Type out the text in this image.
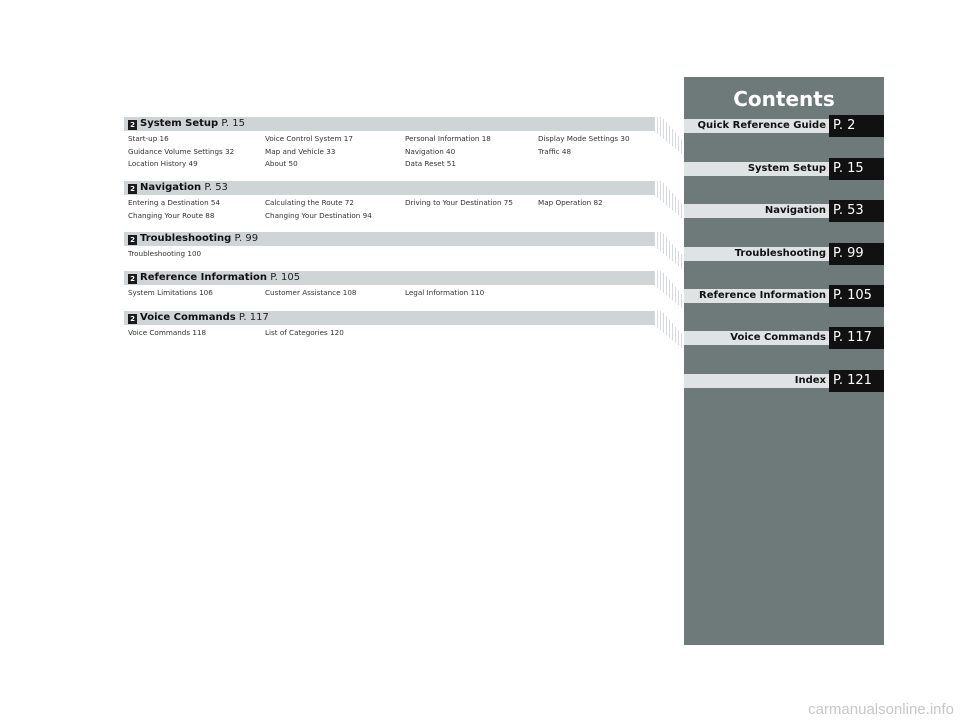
2 System Setup P. 15
Start-up 16	Voice Control System 17	Personal Information 18	Display Mode Settings 30
Guidance Volume Settings 32	Map and Vehicle 33	Navigation 40	Traffic 48
Location History 49	About 50	Data Reset 51
2 Navigation P. 53
Entering a Destination 54	Calculating the Route 72	Driving to Your Destination 75	Map Operation 82
Changing Your Route 88	Changing Your Destination 94
2 Troubleshooting P. 99
Troubleshooting 100
2 Reference Information P. 105
System Limitations 106	Customer Assistance 108	Legal Information 110
2 Voice Commands P. 117
Voice Commands 118	List of Categories 120
Contents
Quick Reference Guide P. 2
System Setup P. 15
Navigation P. 53
Troubleshooting P. 99
Reference Information P. 105
Voice Commands P. 117
Index P. 121
carmanualsonline.info
